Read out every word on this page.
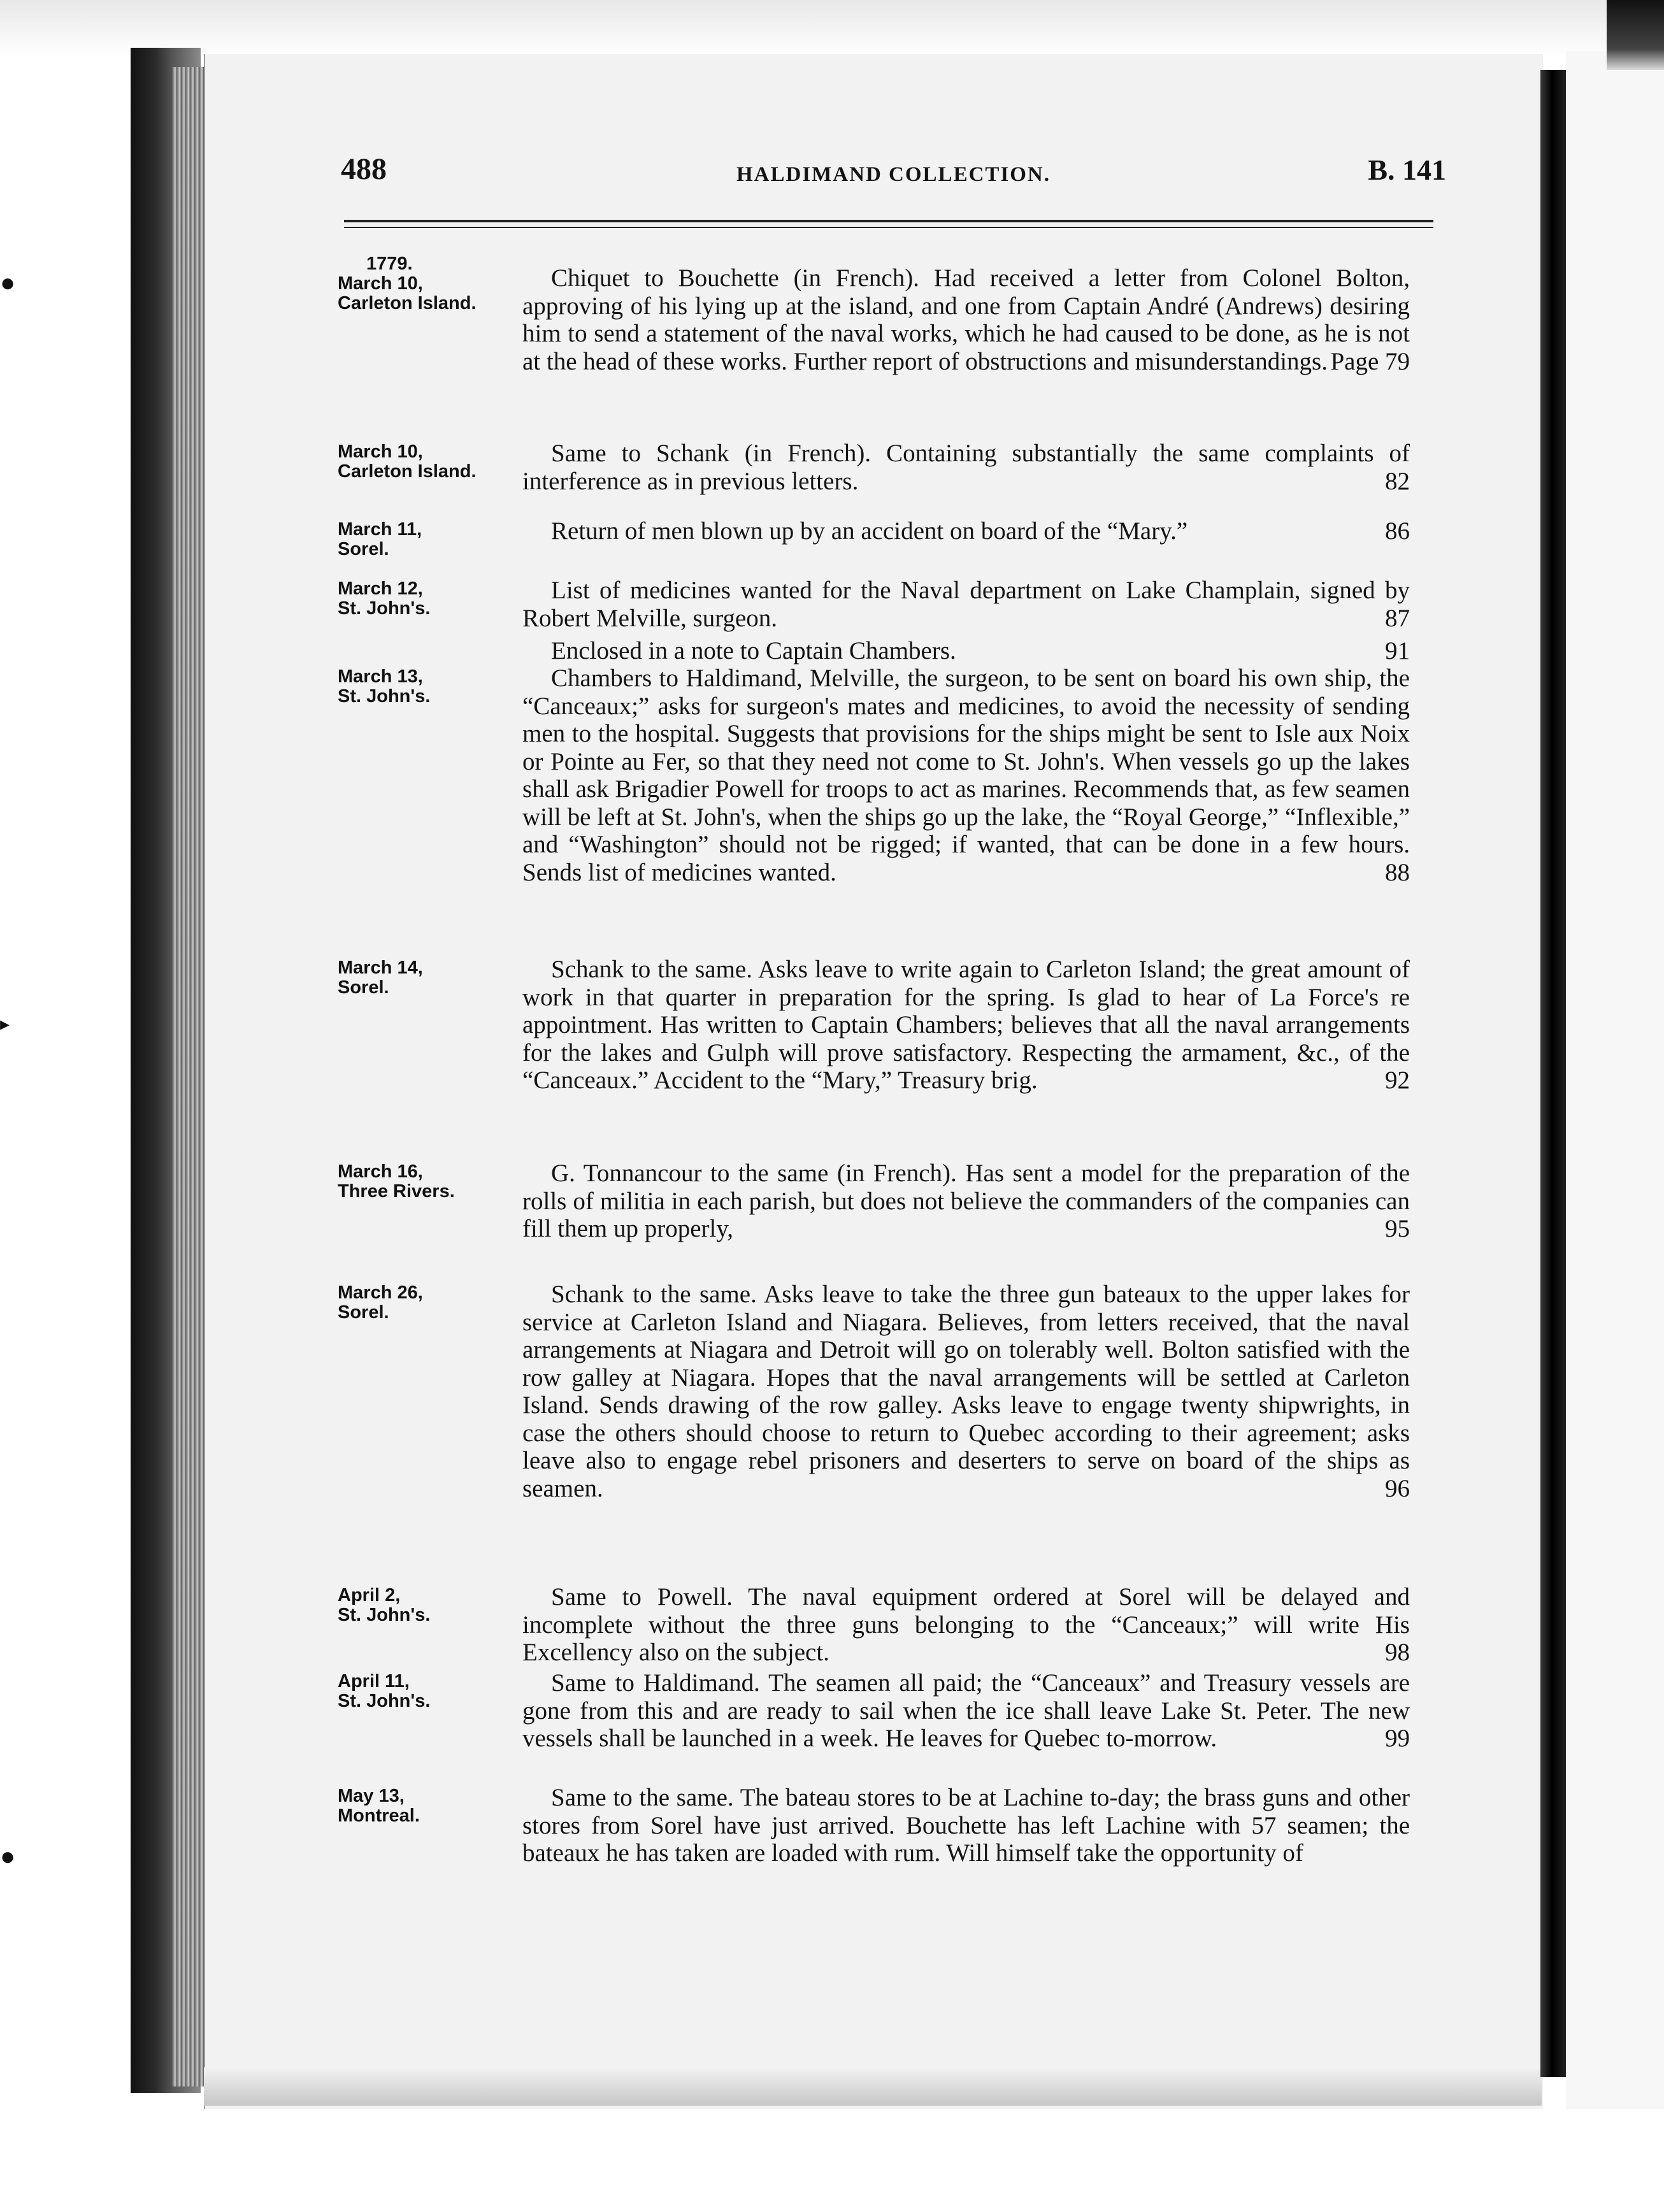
●
▸
●
488	HALDIMAND COLLECTION.	B. 141
1779.
March 10,
Carleton Island.
Chiquet to Bouchette (in French). Had received a letter from Colonel Bolton, approving of his lying up at the island, and one from Captain André (Andrews) desiring him to send a statement of the naval works, which he had caused to be done, as he is not at the head of these works. Further report of obstructions and misunderstandings. Page 79
March 10,
Carleton Island.
Same to Schank (in French). Containing substantially the same complaints of interference as in previous letters.	82
March 11,
Sorel.
Return of men blown up by an accident on board of the “Mary.”	86
March 12,
St. John's.
List of medicines wanted for the Naval department on Lake Champlain, signed by Robert Melville, surgeon.	87
Enclosed in a note to Captain Chambers.	91
March 13,
St. John's.
Chambers to Haldimand, Melville, the surgeon, to be sent on board his own ship, the “Canceaux;” asks for surgeon's mates and medicines, to avoid the necessity of sending men to the hospital. Suggests that provisions for the ships might be sent to Isle aux Noix or Pointe au Fer, so that they need not come to St. John's. When vessels go up the lakes shall ask Brigadier Powell for troops to act as marines. Recommends that, as few seamen will be left at St. John's, when the ships go up the lake, the “Royal George,” “Inflexible,” and “Washington” should not be rigged; if wanted, that can be done in a few hours. Sends list of medicines wanted.	88
March 14,
Sorel.
Schank to the same. Asks leave to write again to Carleton Island; the great amount of work in that quarter in preparation for the spring. Is glad to hear of La Force's re appointment. Has written to Captain Chambers; believes that all the naval arrangements for the lakes and Gulph will prove satisfactory. Respecting the armament, &c., of the “Canceaux.” Accident to the “Mary,” Treasury brig.	92
March 16,
Three Rivers.
G. Tonnancour to the same (in French). Has sent a model for the preparation of the rolls of militia in each parish, but does not believe the commanders of the companies can fill them up properly,	95
March 26,
Sorel.
Schank to the same. Asks leave to take the three gun bateaux to the upper lakes for service at Carleton Island and Niagara. Believes, from letters received, that the naval arrangements at Niagara and Detroit will go on tolerably well. Bolton satisfied with the row galley at Niagara. Hopes that the naval arrangements will be settled at Carleton Island. Sends drawing of the row galley. Asks leave to engage twenty shipwrights, in case the others should choose to return to Quebec according to their agreement; asks leave also to engage rebel prisoners and deserters to serve on board of the ships as seamen.	96
April 2,
St. John's.
Same to Powell. The naval equipment ordered at Sorel will be delayed and incomplete without the three guns belonging to the “Canceaux;” will write His Excellency also on the subject.	98
April 11,
St. John's.
Same to Haldimand. The seamen all paid; the “Canceaux” and Treasury vessels are gone from this and are ready to sail when the ice shall leave Lake St. Peter. The new vessels shall be launched in a week. He leaves for Quebec to-morrow.	99
May 13,
Montreal.
Same to the same. The bateau stores to be at Lachine to-day; the brass guns and other stores from Sorel have just arrived. Bouchette has left Lachine with 57 seamen; the bateaux he has taken are loaded with rum. Will himself take the opportunity of
